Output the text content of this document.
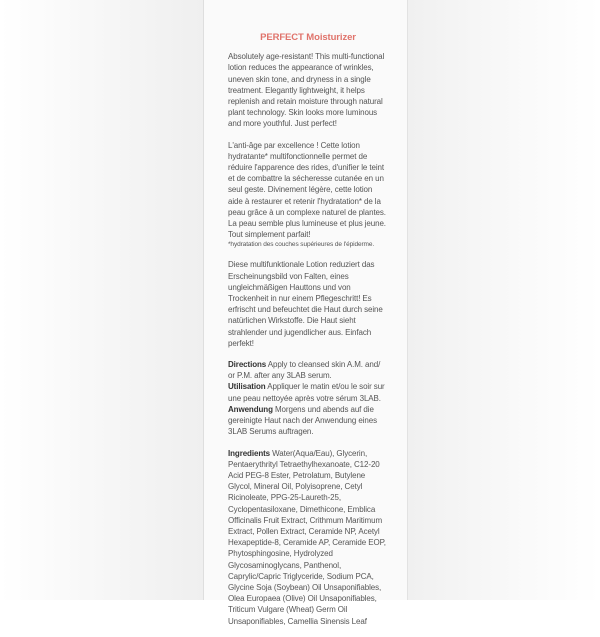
PERFECT Moisturizer

Absolutely age-resistant! This multi-functional lotion reduces the appearance of wrinkles, uneven skin tone, and dryness in a single treatment. Elegantly lightweight, it helps replenish and retain moisture through natural plant technology. Skin looks more luminous and more youthful. Just perfect!

L'anti-âge par excellence ! Cette lotion hydratante* multifonctionnelle permet de réduire l'apparence des rides, d'unifier le teint et de combattre la sécheresse cutanée en un seul geste. Divinement légère, cette lotion aide à restaurer et retenir l'hydratation* de la peau grâce à un complexe naturel de plantes. La peau semble plus lumineuse et plus jeune. Tout simplement parfait!

*hydratation des couches supérieures de l'épiderme.

Diese multifunktionale Lotion reduziert das Erscheinungsbild von Falten, eines ungleichmäßigen Hauttons und von Trockenheit in nur einem Pflegeschritt! Es erfrischt und befeuchtet die Haut durch seine natürlichen Wirkstoffe. Die Haut sieht strahlender und jugendlicher aus. Einfach perfekt!

Directions Apply to cleansed skin A.M. and/ or P.M. after any 3LAB serum.

Utilisation Appliquer le matin et/ou le soir sur une peau nettoyée après votre sérum 3LAB.

Anwendung Morgens und abends auf die gereinigte Haut nach der Anwendung eines 3LAB Serums auftragen.

Ingredients Water(Aqua/Eau), Glycerin, Pentaerythrityl Tetraethylhexanoate, C12-20 Acid PEG-8 Ester, Petrolatum, Butylene Glycol, Mineral Oil, Polyisoprene, Cetyl Ricinoleate, PPG-25-Laureth-25, Cyclopentasiloxane, Dimethicone, Emblica Officinalis Fruit Extract, Crithmum Maritimum Extract, Pollen Extract, Ceramide NP, Acetyl Hexapeptide-8, Ceramide AP, Ceramide EOP, Phytosphingosine, Hydrolyzed Glycosaminoglycans, Panthenol, Caprylic/Capric Triglyceride, Sodium PCA, Glycine Soja (Soybean) Oil Unsaponifiables, Olea Europaea (Olive) Oil Unsaponifiables, Triticum Vulgare (Wheat) Germ Oil Unsaponifiables, Camellia Sinensis Leaf
